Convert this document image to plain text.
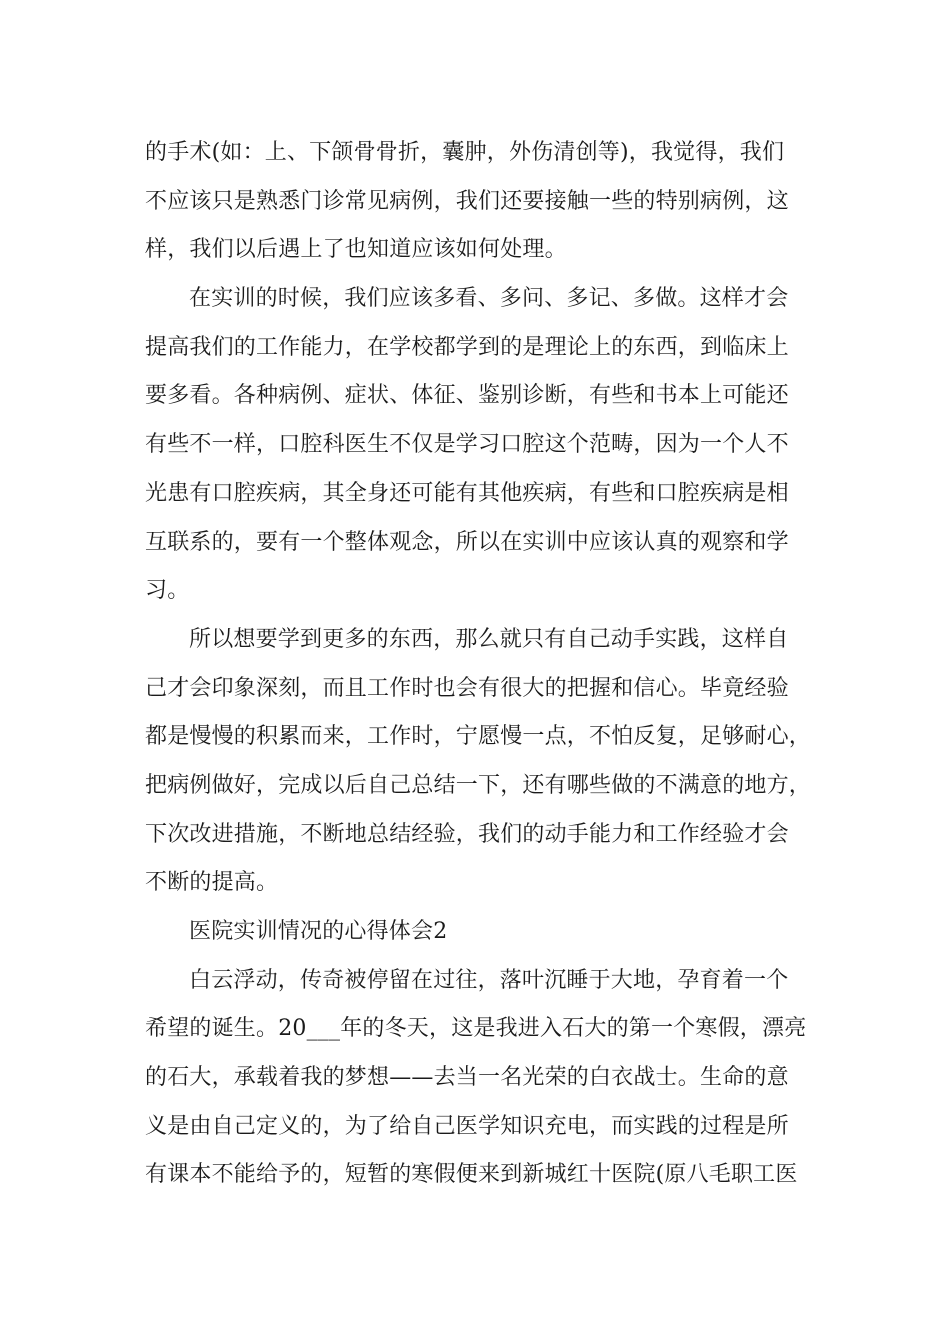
的手术(如：上、下颌骨骨折，囊肿，外伤清创等)，我觉得，我们
不应该只是熟悉门诊常见病例，我们还要接触一些的特别病例，这
样，我们以后遇上了也知道应该如何处理。
在实训的时候，我们应该多看、多问、多记、多做。这样才会
提高我们的工作能力，在学校都学到的是理论上的东西，到临床上
要多看。各种病例、症状、体征、鉴别诊断，有些和书本上可能还
有些不一样，口腔科医生不仅是学习口腔这个范畴，因为一个人不
光患有口腔疾病，其全身还可能有其他疾病，有些和口腔疾病是相
互联系的，要有一个整体观念，所以在实训中应该认真的观察和学
习。
所以想要学到更多的东西，那么就只有自己动手实践，这样自
己才会印象深刻，而且工作时也会有很大的把握和信心。毕竟经验
都是慢慢的积累而来，工作时，宁愿慢一点，不怕反复，足够耐心，
把病例做好，完成以后自己总结一下，还有哪些做的不满意的地方，
下次改进措施，不断地总结经验，我们的动手能力和工作经验才会
不断的提高。
医院实训情况的心得体会2
白云浮动，传奇被停留在过往，落叶沉睡于大地，孕育着一个
希望的诞生。20___年的冬天，这是我进入石大的第一个寒假，漂亮
的石大，承载着我的梦想——去当一名光荣的白衣战士。生命的意
义是由自己定义的，为了给自己医学知识充电，而实践的过程是所
有课本不能给予的，短暂的寒假便来到新城红十医院(原八毛职工医
